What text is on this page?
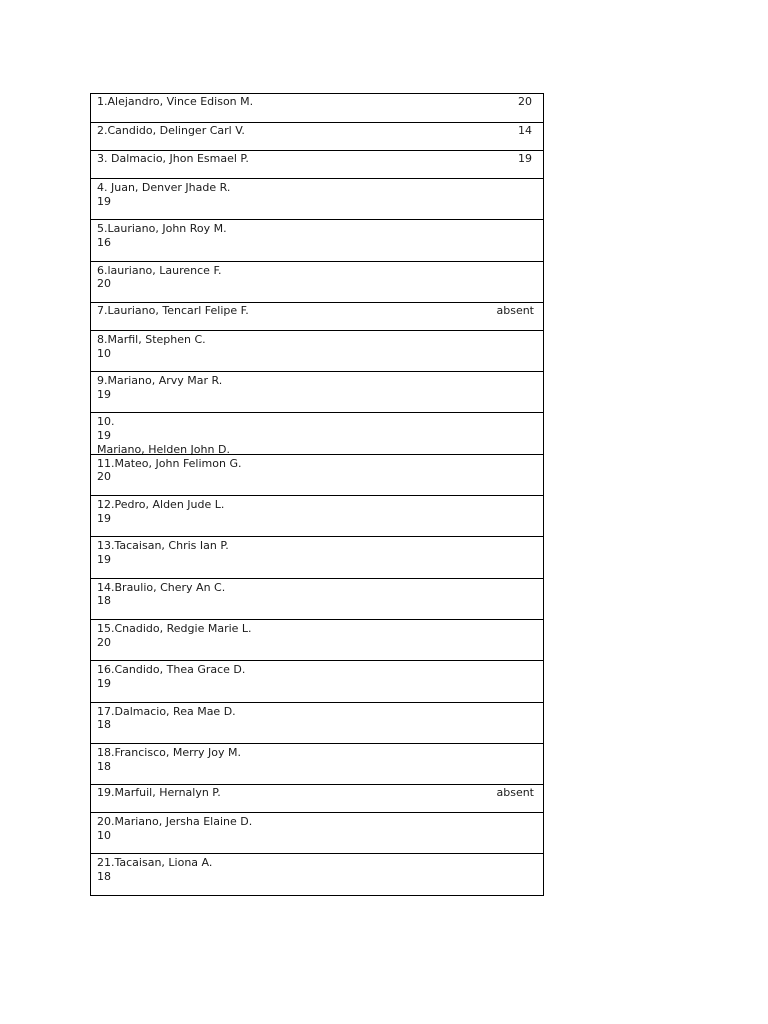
1.Alejandro, Vince Edison M.	20
2.Candido, Delinger Carl V.	14
3. Dalmacio, Jhon Esmael P.	19
4. Juan, Denver Jhade R.
19
5.Lauriano, John Roy M.
16
6.lauriano, Laurence F.
20
7.Lauriano, Tencarl Felipe F.	absent
8.Marfil, Stephen C.
10
9.Mariano, Arvy Mar R.
19
10.
19
Mariano, Helden John D.
11.Mateo, John Felimon G.
20
12.Pedro, Alden Jude L.
19
13.Tacaisan, Chris Ian P.
19
14.Braulio, Chery An C.
18
15.Cnadido, Redgie Marie L.
20
16.Candido, Thea Grace D.
19
17.Dalmacio, Rea Mae D.
18
18.Francisco, Merry Joy M.
18
19.Marfuil, Hernalyn P.	absent
20.Mariano, Jersha Elaine D.
10
21.Tacaisan, Liona A.
18
